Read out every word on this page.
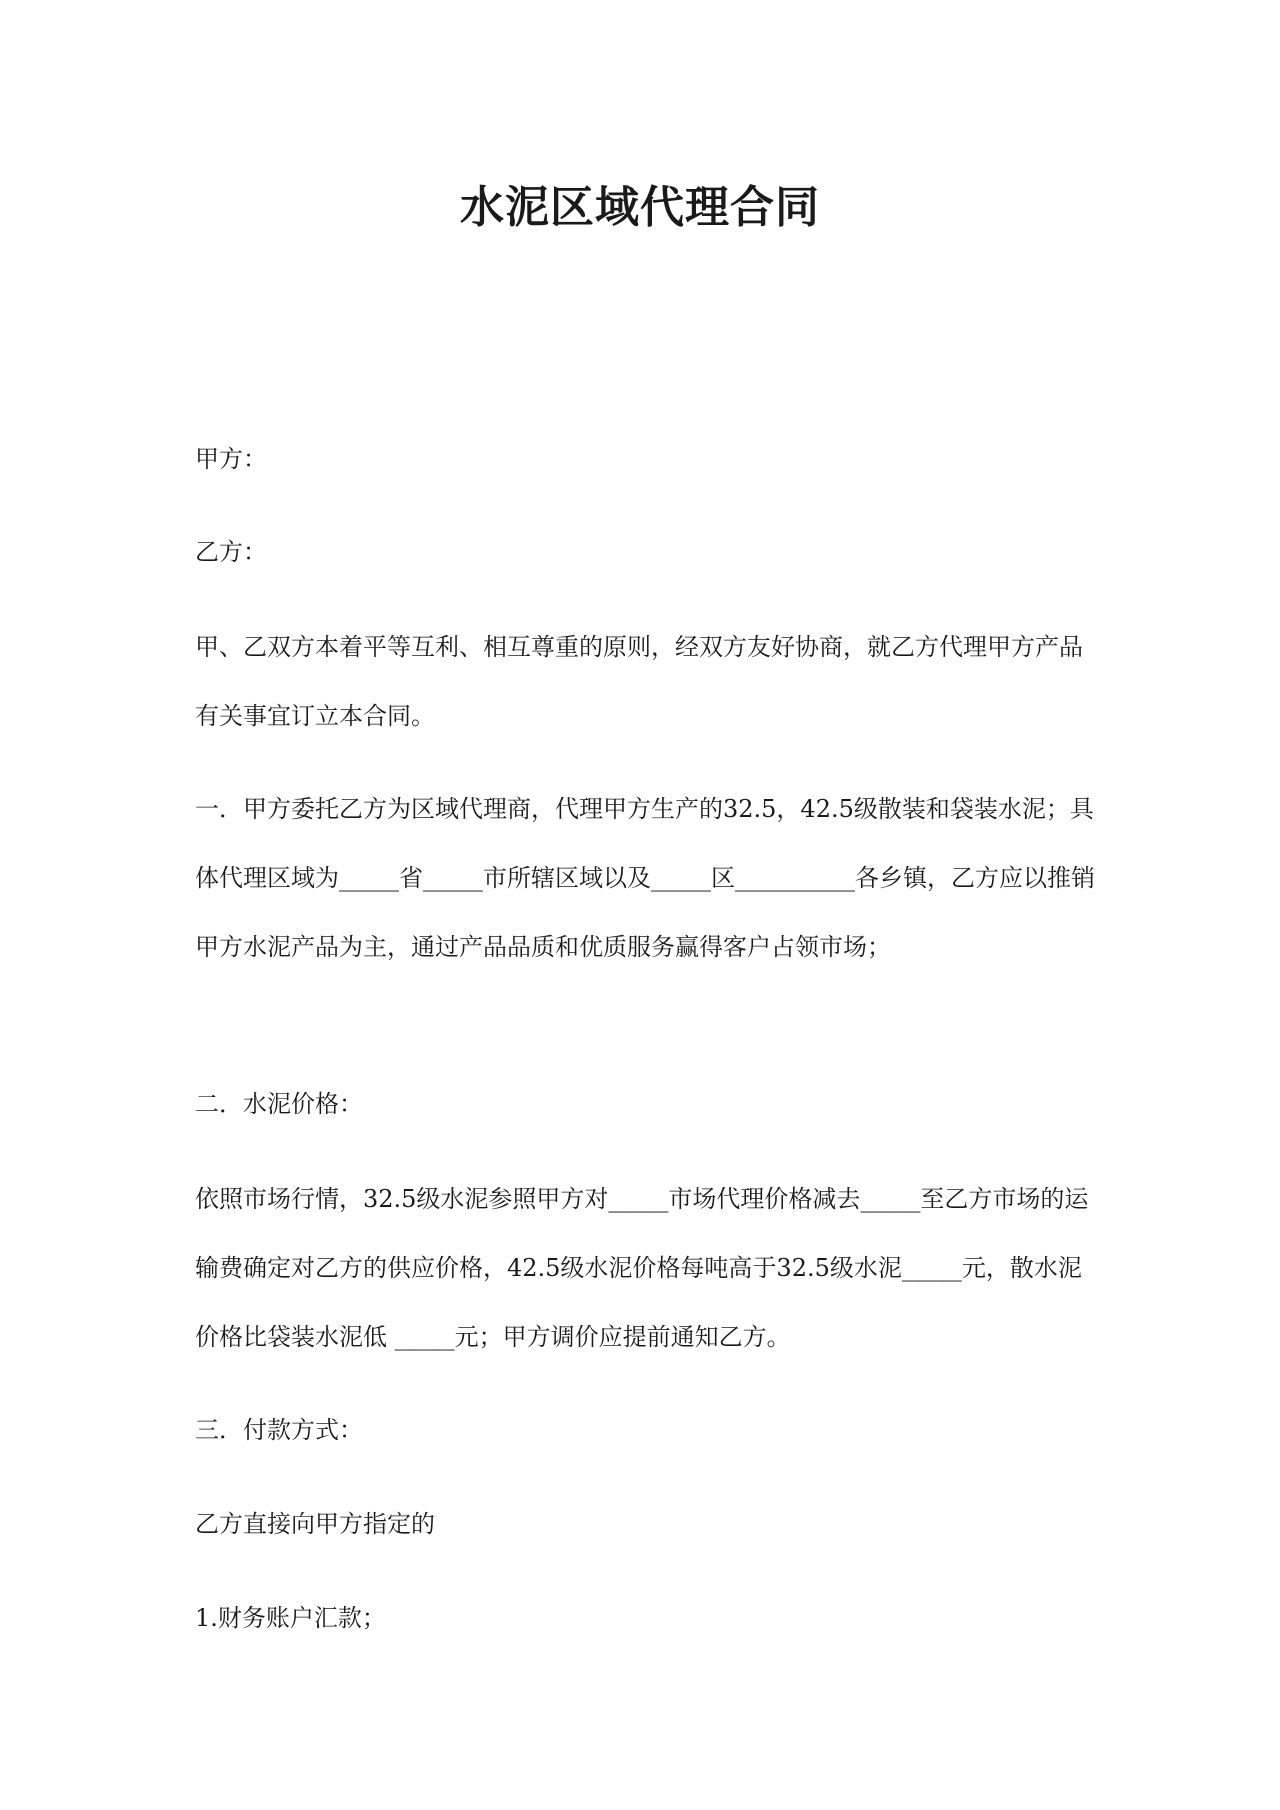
水泥区域代理合同

甲方：

乙方：

甲、乙双方本着平等互利、相互尊重的原则，经双方友好协商，就乙方代理甲方产品有关事宜订立本合同。

一．甲方委托乙方为区域代理商，代理甲方生产的32.5，42.5级散装和袋装水泥；具体代理区域为_____省_____市所辖区域以及_____区__________各乡镇，乙方应以推销甲方水泥产品为主，通过产品品质和优质服务赢得客户占领市场；

二．水泥价格：

依照市场行情，32.5级水泥参照甲方对_____市场代理价格减去_____至乙方市场的运输费确定对乙方的供应价格，42.5级水泥价格每吨高于32.5级水泥_____元，散水泥价格比袋装水泥低 _____元；甲方调价应提前通知乙方。

三．付款方式：

乙方直接向甲方指定的

1.财务账户汇款；
